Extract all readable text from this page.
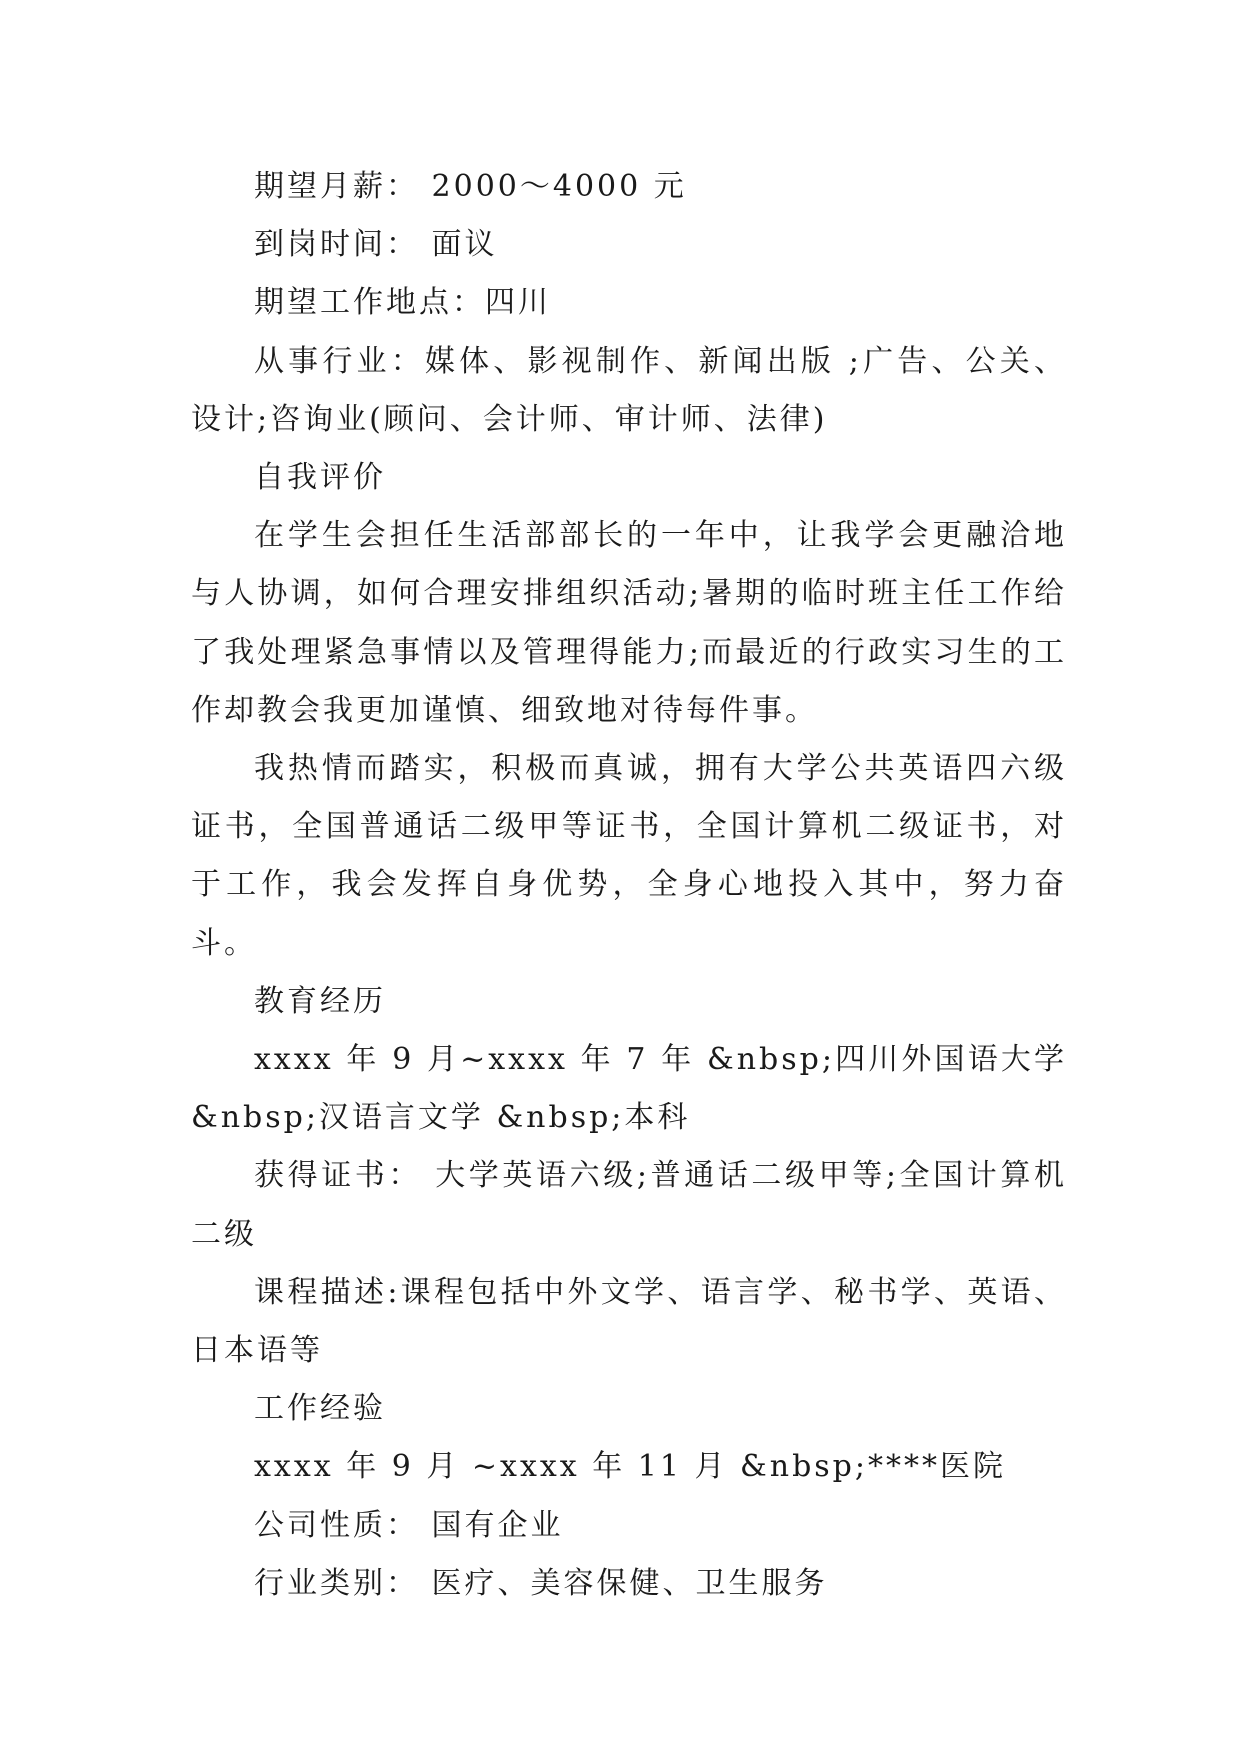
期望月薪： 2000～4000 元

到岗时间： 面议

期望工作地点：四川

从事行业：媒体、影视制作、新闻出版 ;广告、公关、设计;咨询业(顾问、会计师、审计师、法律)

自我评价

在学生会担任生活部部长的一年中，让我学会更融洽地与人协调，如何合理安排组织活动;暑期的临时班主任工作给了我处理紧急事情以及管理得能力;而最近的行政实习生的工作却教会我更加谨慎、细致地对待每件事。

我热情而踏实，积极而真诚，拥有大学公共英语四六级证书，全国普通话二级甲等证书，全国计算机二级证书，对于工作，我会发挥自身优势，全身心地投入其中，努力奋斗。

教育经历

xxxx 年 9 月~xxxx 年 7 年 &nbsp;四川外国语大学 &nbsp;汉语言文学 &nbsp;本科

获得证书： 大学英语六级;普通话二级甲等;全国计算机二级

课程描述:课程包括中外文学、语言学、秘书学、英语、日本语等

工作经验

xxxx 年 9 月 ~xxxx 年 11 月 &nbsp;****医院

公司性质： 国有企业

行业类别： 医疗、美容保健、卫生服务
